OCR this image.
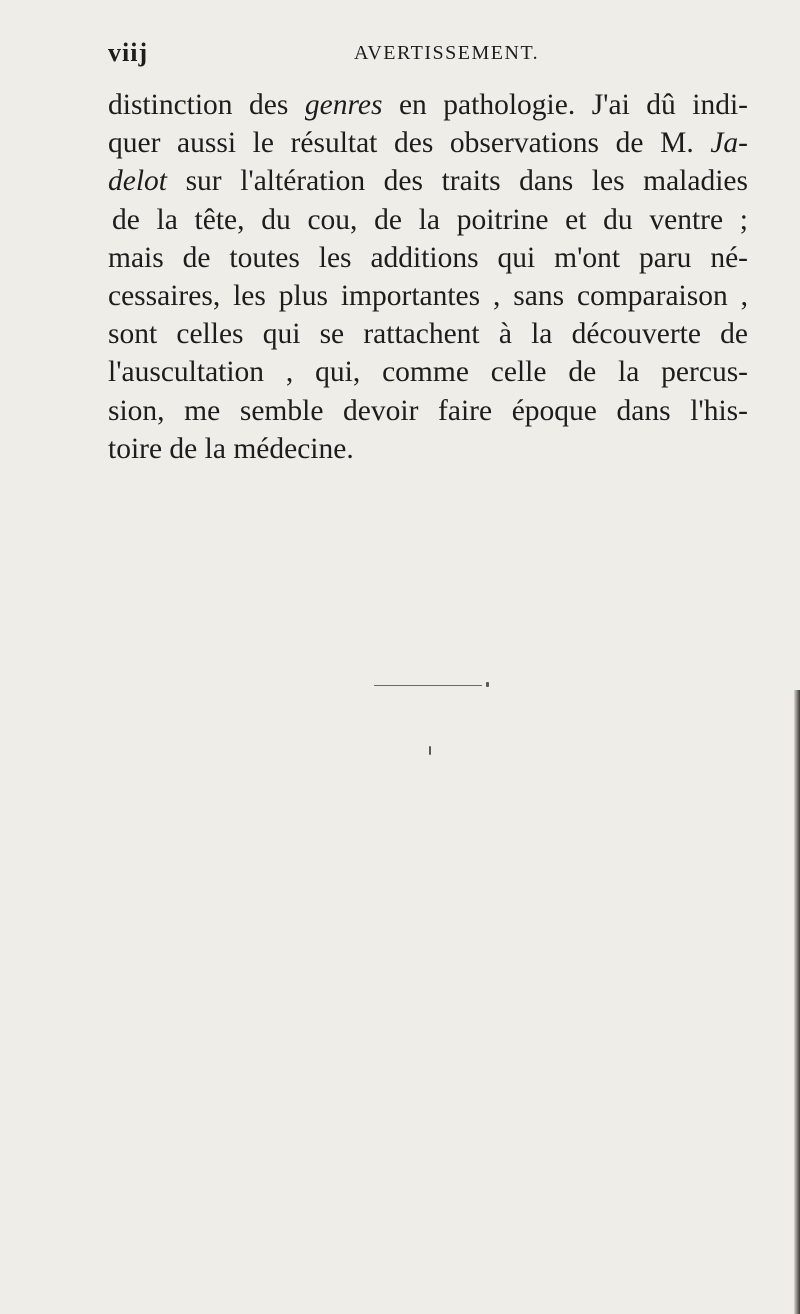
viij	AVERTISSEMENT.
distinction des genres en pathologie. J'ai dû indi-
quer aussi le résultat des observations de M. Ja-
delot sur l'altération des traits dans les maladies
de la tête, du cou, de la poitrine et du ventre ;
mais de toutes les additions qui m'ont paru né-
cessaires, les plus importantes , sans comparaison ,
sont celles qui se rattachent à la découverte de
l'auscultation , qui, comme celle de la percus-
sion, me semble devoir faire époque dans l'his-
toire de la médecine.
